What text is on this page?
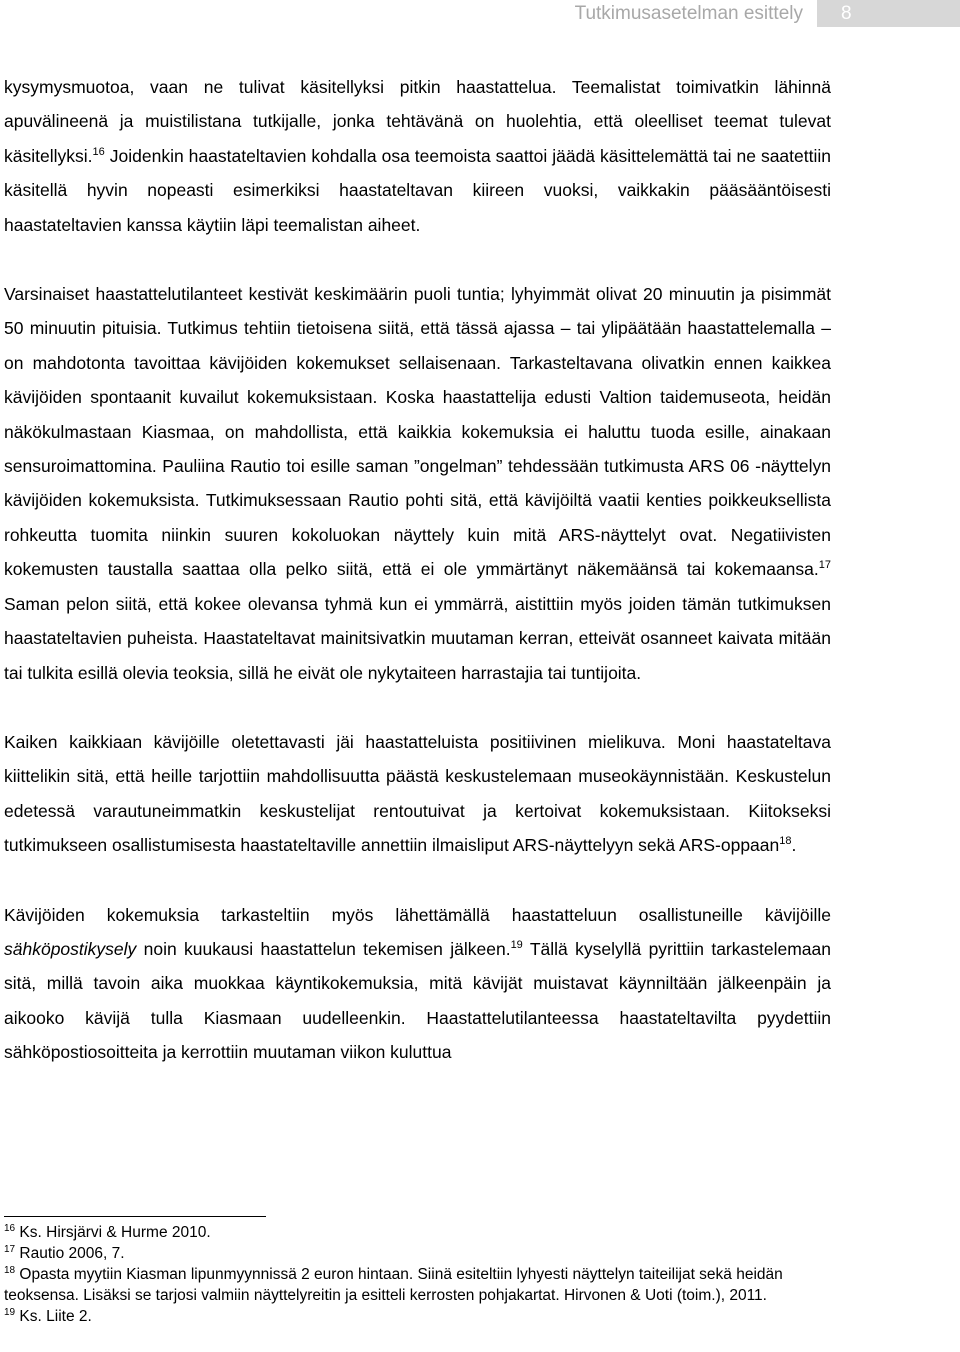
Tutkimusasetelman esittely	8

kysymysmuotoa, vaan ne tulivat käsitellyksi pitkin haastattelua. Teemalistat toimivatkin lähinnä apuvälineenä ja muistilistana tutkijalle, jonka tehtävänä on huolehtia, että oleelliset teemat tulevat käsitellyksi.$^{16}$ Joidenkin haastateltavien kohdalla osa teemoista saattoi jäädä käsittelemättä tai ne saatettiin käsitellä hyvin nopeasti esimerkiksi haastateltavan kiireen vuoksi, vaikkakin pääsääntöisesti haastateltavien kanssa käytiin läpi teemalistan aiheet.

Varsinaiset haastattelutilanteet kestivät keskimäärin puoli tuntia; lyhyimmät olivat 20 minuutin ja pisimmät 50 minuutin pituisia. Tutkimus tehtiin tietoisena siitä, että tässä ajassa – tai ylipäätään haastattelemalla – on mahdotonta tavoittaa kävijöiden kokemukset sellaisenaan. Tarkasteltavana olivatkin ennen kaikkea kävijöiden spontaanit kuvailut kokemuksistaan. Koska haastattelija edusti Valtion taidemuseota, heidän näkökulmastaan Kiasmaa, on mahdollista, että kaikkia kokemuksia ei haluttu tuoda esille, ainakaan sensuroimattomina. Pauliina Rautio toi esille saman ”ongelman” tehdessään tutkimusta ARS 06 -näyttelyn kävijöiden kokemuksista. Tutkimuksessaan Rautio pohti sitä, että kävijöiltä vaatii kenties poikkeuksellista rohkeutta tuomita niinkin suuren kokoluokan näyttely kuin mitä ARS-näyttelyt ovat. Negatiivisten kokemusten taustalla saattaa olla pelko siitä, että ei ole ymmärtänyt näkemäänsä tai kokemaansa.$^{17}$ Saman pelon siitä, että kokee olevansa tyhmä kun ei ymmärrä, aistittiin myös joiden tämän tutkimuksen haastateltavien puheista. Haastateltavat mainitsivatkin muutaman kerran, etteivät osanneet kaivata mitään tai tulkita esillä olevia teoksia, sillä he eivät ole nykytaiteen harrastajia tai tuntijoita.

Kaiken kaikkiaan kävijöille oletettavasti jäi haastatteluista positiivinen mielikuva. Moni haastateltava kiittelikin sitä, että heille tarjottiin mahdollisuutta päästä keskustelemaan museokäynnistään. Keskustelun edetessä varautuneimmatkin keskustelijat rentoutuivat ja kertoivat kokemuksistaan. Kiitokseksi tutkimukseen osallistumisesta haastateltaville annettiin ilmaisliput ARS-näyttelyyn sekä ARS-oppaan$^{18}$.

Kävijöiden kokemuksia tarkasteltiin myös lähettämällä haastatteluun osallistuneille kävijöille sähköpostikysely noin kuukausi haastattelun tekemisen jälkeen.$^{19}$ Tällä kyselyllä pyrittiin tarkastelemaan sitä, millä tavoin aika muokkaa käyntikokemuksia, mitä kävijät muistavat käynniltään jälkeenpäin ja aikooko kävijä tulla Kiasmaan uudelleenkin. Haastattelutilanteessa haastateltavilta pyydettiin sähköpostiosoitteita ja kerrottiin muutaman viikon kuluttua

$^{16}$ Ks. Hirsjärvi & Hurme 2010.

$^{17}$ Rautio 2006, 7.

$^{18}$ Opasta myytiin Kiasman lipunmyynnissä 2 euron hintaan. Siinä esiteltiin lyhyesti näyttelyn taiteilijat sekä heidän teoksensa. Lisäksi se tarjosi valmiin näyttelyreitin ja esitteli kerrosten pohjakartat. Hirvonen & Uoti (toim.), 2011.

$^{19}$ Ks. Liite 2.
